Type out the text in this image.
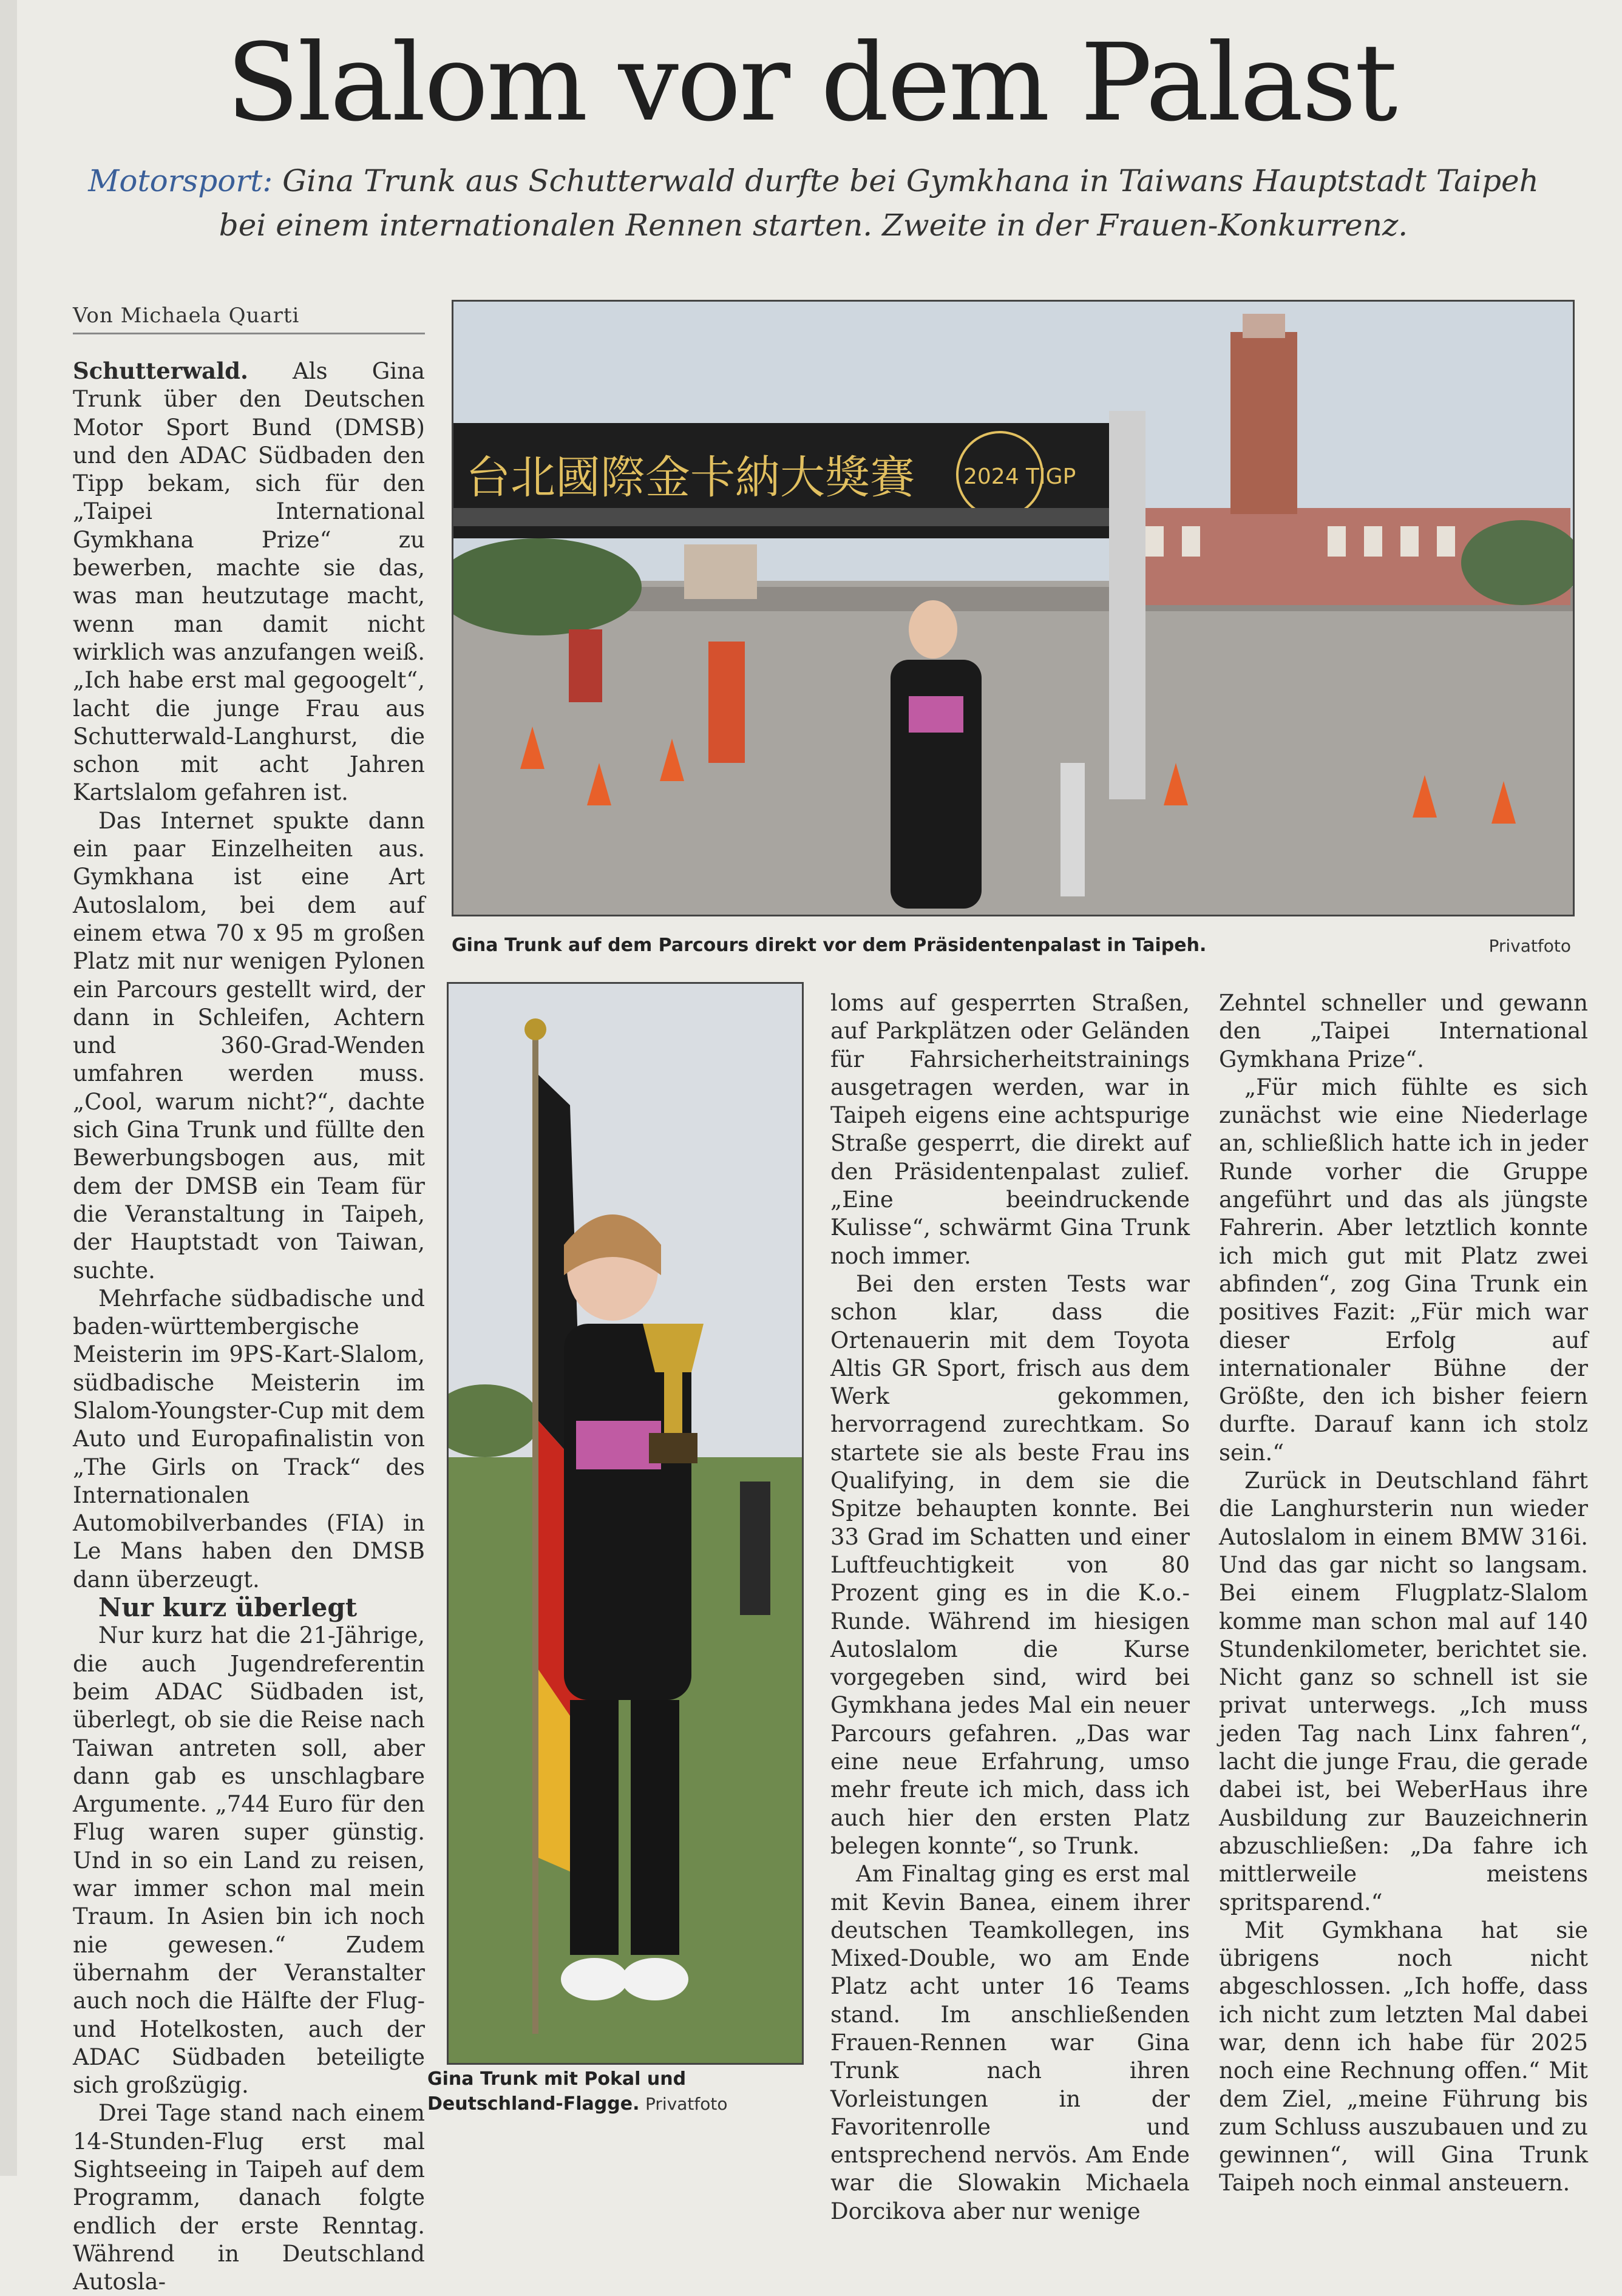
Slalom vor dem Palast
Motorsport: Gina Trunk aus Schutterwald durfte bei Gymkhana in Taiwans Hauptstadt Taipeh bei einem internationalen Rennen starten. Zweite in der Frauen-Konkurrenz.
Von Michaela Quarti

Schutterwald. Als Gina Trunk über den Deutschen Motor Sport Bund (DMSB) und den ADAC Südbaden den Tipp bekam, sich für den „Taipei International Gymkhana Prize“ zu bewerben, machte sie das, was man heutzutage macht, wenn man damit nicht wirklich was anzufangen weiß. „Ich habe erst mal gegoogelt“, lacht die junge Frau aus Schutterwald-Langhurst, die schon mit acht Jahren Kartslalom gefahren ist.

Das Internet spukte dann ein paar Einzelheiten aus. Gymkhana ist eine Art Autoslalom, bei dem auf einem etwa 70 x 95 m großen Platz mit nur wenigen Pylonen ein Parcours gestellt wird, der dann in Schleifen, Achtern und 360-Grad-Wenden umfahren werden muss. „Cool, warum nicht?“, dachte sich Gina Trunk und füllte den Bewerbungsbogen aus, mit dem der DMSB ein Team für die Veranstaltung in Taipeh, der Hauptstadt von Taiwan, suchte.

Mehrfache südbadische und baden-württembergische Meisterin im 9PS-Kart-Slalom, südbadische Meisterin im Slalom-Youngster-Cup mit dem Auto und Europafinalistin von „The Girls on Track“ des Internationalen Automobilverbandes (FIA) in Le Mans haben den DMSB dann überzeugt.

Nur kurz überlegt

Nur kurz hat die 21-Jährige, die auch Jugendreferentin beim ADAC Südbaden ist, überlegt, ob sie die Reise nach Taiwan antreten soll, aber dann gab es unschlagbare Argumente. „744 Euro für den Flug waren super günstig. Und in so ein Land zu reisen, war immer schon mal mein Traum. In Asien bin ich noch nie gewesen.“ Zudem übernahm der Veranstalter auch noch die Hälfte der Flug- und Hotelkosten, auch der ADAC Südbaden beteiligte sich großzügig.

Drei Tage stand nach einem 14-Stunden-Flug erst mal Sightseeing in Taipeh auf dem Programm, danach folgte endlich der erste Renntag. Während in Deutschland Autosla-

台北國際金卡納大獎賽 2024 TIGP
Gina Trunk auf dem Parcours direkt vor dem Präsidentenpalast in Taipeh.	Privatfoto
Gina Trunk mit Pokal und
Deutschland-Flagge. Privatfoto

loms auf gesperrten Straßen, auf Parkplätzen oder Geländen für Fahrsicherheitstrainings ausgetragen werden, war in Taipeh eigens eine achtspurige Straße gesperrt, die direkt auf den Präsidentenpalast zulief. „Eine beeindruckende Kulisse“, schwärmt Gina Trunk noch immer.

Bei den ersten Tests war schon klar, dass die Ortenauerin mit dem Toyota Altis GR Sport, frisch aus dem Werk gekommen, hervorragend zurechtkam. So startete sie als beste Frau ins Qualifying, in dem sie die Spitze behaupten konnte. Bei 33 Grad im Schatten und einer Luftfeuchtigkeit von 80 Prozent ging es in die K.o.-Runde. Während im hiesigen Autoslalom die Kurse vorgegeben sind, wird bei Gymkhana jedes Mal ein neuer Parcours gefahren. „Das war eine neue Erfahrung, umso mehr freute ich mich, dass ich auch hier den ersten Platz belegen konnte“, so Trunk.

Am Finaltag ging es erst mal mit Kevin Banea, einem ihrer deutschen Teamkollegen, ins Mixed-Double, wo am Ende Platz acht unter 16 Teams stand. Im anschließenden Frauen-Rennen war Gina Trunk nach ihren Vorleistungen in der Favoritenrolle und entsprechend nervös. Am Ende war die Slowakin Michaela Dorcikova aber nur wenige

Zehntel schneller und gewann den „Taipei International Gymkhana Prize“.

„Für mich fühlte es sich zunächst wie eine Niederlage an, schließlich hatte ich in jeder Runde vorher die Gruppe angeführt und das als jüngste Fahrerin. Aber letztlich konnte ich mich gut mit Platz zwei abfinden“, zog Gina Trunk ein positives Fazit: „Für mich war dieser Erfolg auf internationaler Bühne der Größte, den ich bisher feiern durfte. Darauf kann ich stolz sein.“

Zurück in Deutschland fährt die Langhursterin nun wieder Autoslalom in einem BMW 316i. Und das gar nicht so langsam. Bei einem Flugplatz-Slalom komme man schon mal auf 140 Stundenkilometer, berichtet sie. Nicht ganz so schnell ist sie privat unterwegs. „Ich muss jeden Tag nach Linx fahren“, lacht die junge Frau, die gerade dabei ist, bei WeberHaus ihre Ausbildung zur Bauzeichnerin abzuschließen: „Da fahre ich mittlerweile meistens spritsparend.“

Mit Gymkhana hat sie übrigens noch nicht abgeschlossen. „Ich hoffe, dass ich nicht zum letzten Mal dabei war, denn ich habe für 2025 noch eine Rechnung offen.“ Mit dem Ziel, „meine Führung bis zum Schluss auszubauen und zu gewinnen“, will Gina Trunk Taipeh noch einmal ansteuern.
